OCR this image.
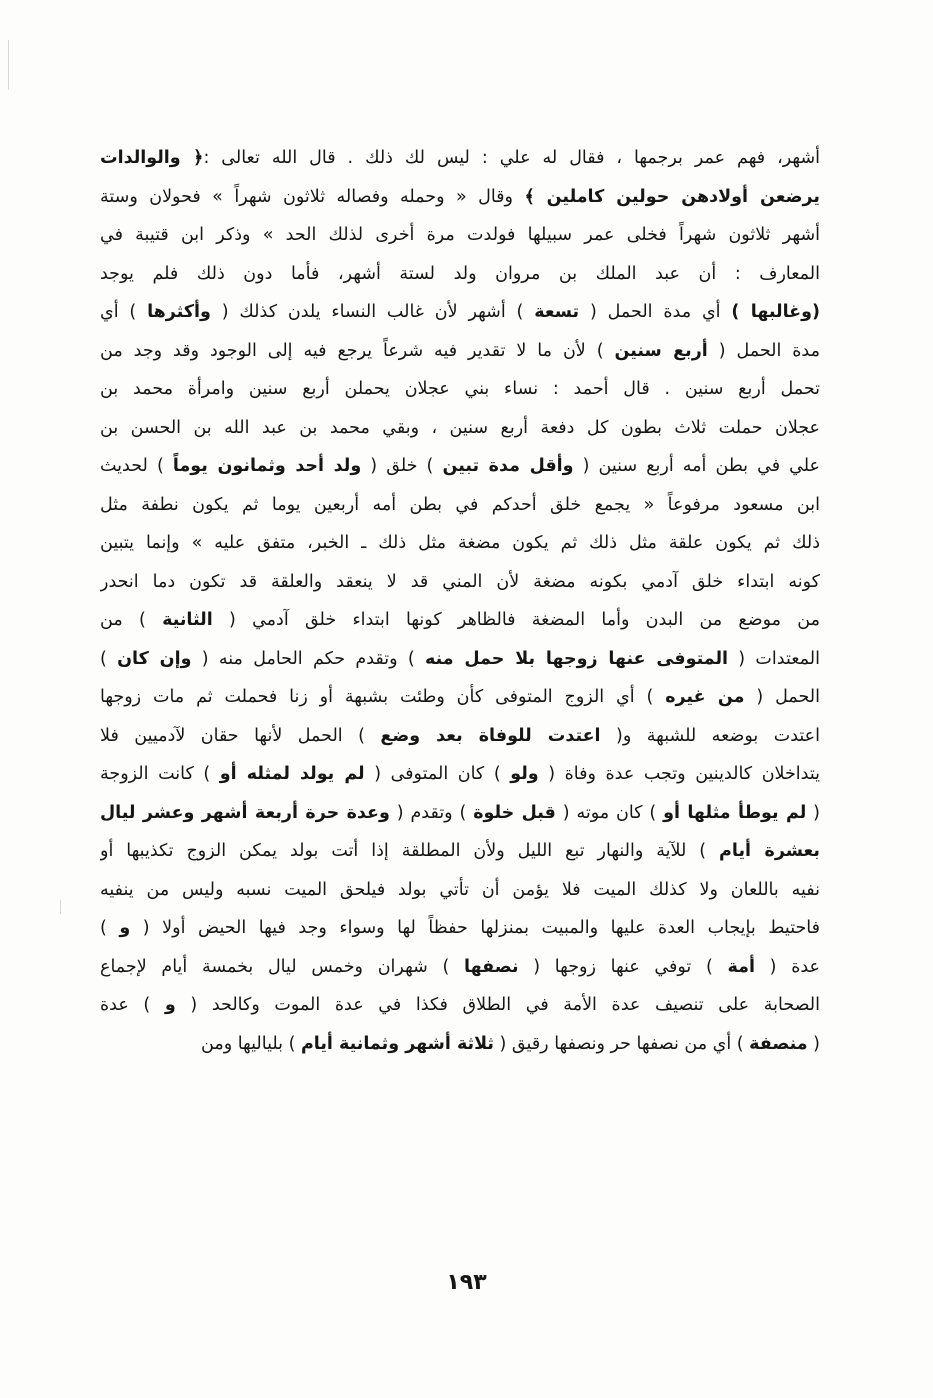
أشهر، فهم عمر برجمها ، فقال له علي : ليس لك ذلك . قال الله تعالى :﴿ والوالدات
يرضعن أولادهن حولين كاملين ﴾ وقال « وحمله وفصاله ثلاثون شهراً » فحولان وستة
أشهر ثلاثون شهراً فخلى عمر سبيلها فولدت مرة أخرى لذلك الحد » وذكر ابن قتيبة في
المعارف : أن عبد الملك بن مروان ولد لستة أشهر، فأما دون ذلك فلم يوجد
(وغالبها ) أي مدة الحمل ( تسعة ) أشهر لأن غالب النساء يلدن كذلك ( وأكثرها ) أي
مدة الحمل ( أربع سنين ) لأن ما لا تقدير فيه شرعاً يرجع فيه إلى الوجود وقد وجد من
تحمل أربع سنين . قال أحمد : نساء بني عجلان يحملن أربع سنين وامرأة محمد بن
عجلان حملت ثلاث بطون كل دفعة أربع سنين ، وبقي محمد بن عبد الله بن الحسن بن
علي في بطن أمه أربع سنين ( وأقل مدة تبين ) خلق ( ولد أحد وثمانون يوماً ) لحديث
ابن مسعود مرفوعاً « يجمع خلق أحدكم في بطن أمه أربعين يوما ثم يكون نطفة مثل
ذلك ثم يكون علقة مثل ذلك ثم يكون مضغة مثل ذلك ـ الخبر، متفق عليه » وإنما يتبين
كونه ابتداء خلق آدمي بكونه مضغة لأن المني قد لا ينعقد والعلقة قد تكون دما انحدر
من موضع من البدن وأما المضغة فالظاهر كونها ابتداء خلق آدمي ( الثانية ) من
المعتدات ( المتوفى عنها زوجها بلا حمل منه ) وتقدم حكم الحامل منه ( وإن كان )
الحمل ( من غيره ) أي الزوج المتوفى كأن وطئت بشبهة أو زنا فحملت ثم مات زوجها
اعتدت بوضعه للشبهة و( اعتدت للوفاة بعد وضع ) الحمل لأنها حقان لآدميين فلا
يتداخلان كالدينين وتجب عدة وفاة ( ولو ) كان المتوفى ( لم يولد لمثله أو ) كانت الزوجة
( لم يوطأ مثلها أو ) كان موته ( قبل خلوة ) وتقدم ( وعدة حرة أربعة أشهر وعشر ليال
بعشرة أيام ) للآية والنهار تبع الليل ولأن المطلقة إذا أتت بولد يمكن الزوج تكذيبها أو
نفيه باللعان ولا كذلك الميت فلا يؤمن أن تأتي بولد فيلحق الميت نسبه وليس من ينفيه
فاحتيط بإيجاب العدة عليها والمبيت بمنزلها حفظاً لها وسواء وجد فيها الحيض أولا ( و )
عدة ( أمة ) توفي عنها زوجها ( نصفها ) شهران وخمس ليال بخمسة أيام لإجماع
الصحابة على تنصيف عدة الأمة في الطلاق فكذا في عدة الموت وكالحد ( و ) عدة
( منصفة ) أي من نصفها حر ونصفها رقيق ( ثلاثة أشهر وثمانية أيام ) بلياليها ومن
١٩٣
